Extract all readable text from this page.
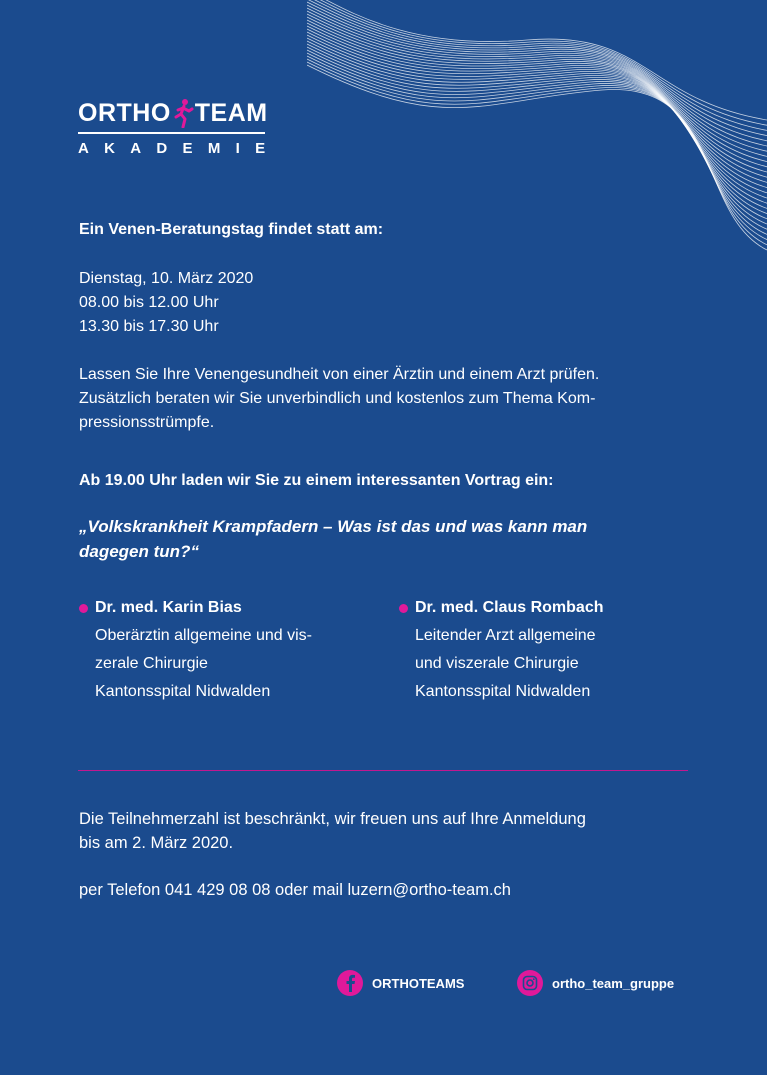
ORTHO TEAM
AKADEMIE
Ein Venen-Beratungstag findet statt am:
Dienstag, 10. März 2020
08.00 bis 12.00 Uhr
13.30 bis 17.30 Uhr
Lassen Sie Ihre Venengesundheit von einer Ärztin und einem Arzt prüfen.
Zusätzlich beraten wir Sie unverbindlich und kostenlos zum Thema Kom-
pressionsstrümpfe.
Ab 19.00 Uhr laden wir Sie zu einem interessanten Vortrag ein:
„Volkskrankheit Krampfadern – Was ist das und was kann man
dagegen tun?“
Dr. med. Karin Bias
Oberärztin allgemeine und vis-
zerale Chirurgie
Kantonsspital Nidwalden
Dr. med. Claus Rombach
Leitender Arzt allgemeine
und viszerale Chirurgie
Kantonsspital Nidwalden
Die Teilnehmerzahl ist beschränkt, wir freuen uns auf Ihre Anmeldung
bis am 2. März 2020.
per Telefon 041 429 08 08 oder mail luzern@ortho-team.ch
ORTHOTEAMS	ortho_team_gruppe
